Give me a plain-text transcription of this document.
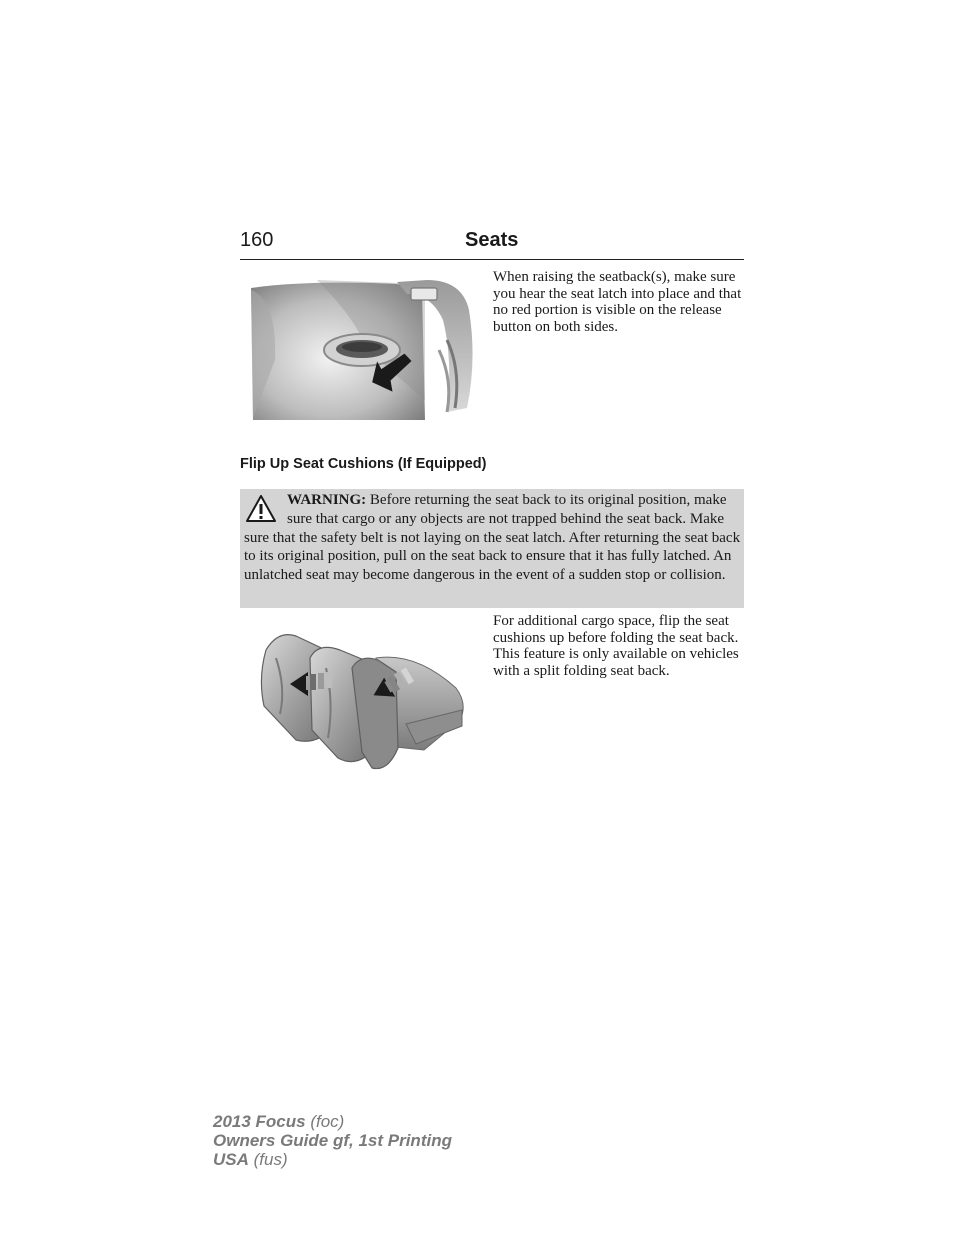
160	Seats

When raising the seatback(s), make sure you hear the seat latch into place and that no red portion is visible on the release button on both sides.

Flip Up Seat Cushions (If Equipped)

WARNING: Before returning the seat back to its original position, make sure that cargo or any objects are not trapped behind the seat back. Make sure that the safety belt is not laying on the seat latch. After returning the seat back to its original position, pull on the seat back to ensure that it has fully latched. An unlatched seat may become dangerous in the event of a sudden stop or collision.

For additional cargo space, flip the seat cushions up before folding the seat back. This feature is only available on vehicles with a split folding seat back.

2013 Focus (foc)
Owners Guide gf, 1st Printing
USA (fus)
